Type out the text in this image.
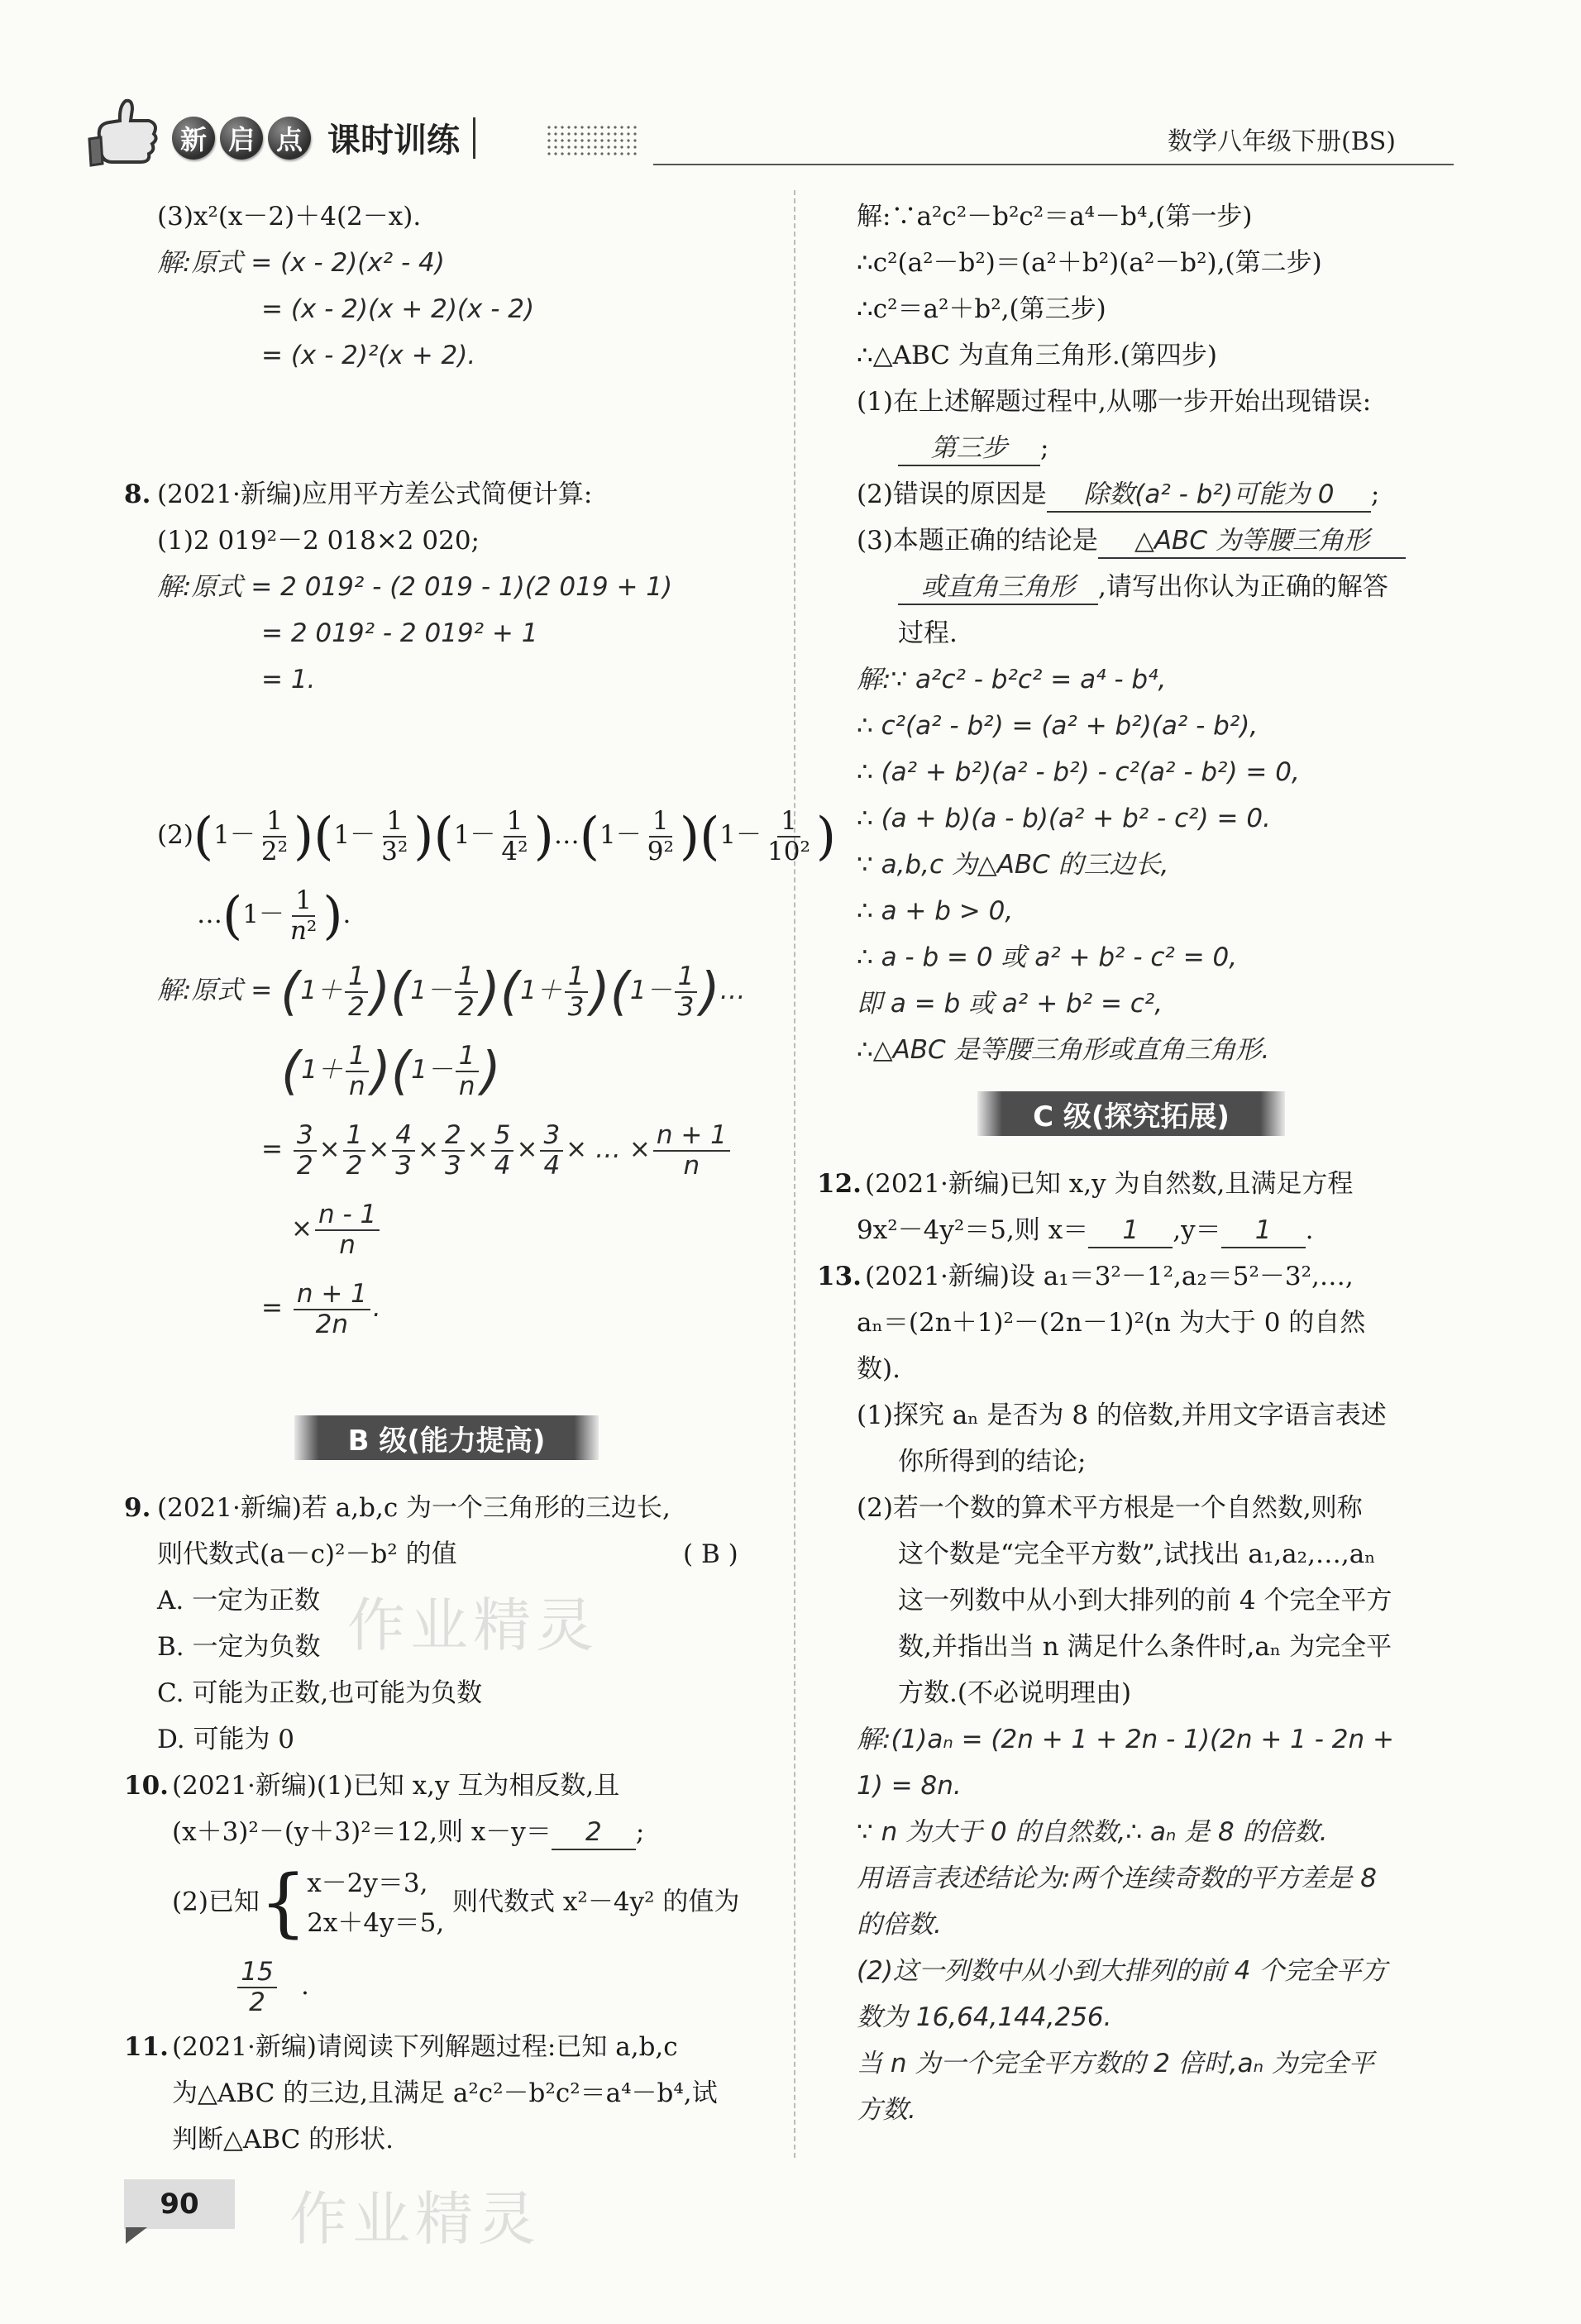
新 启 点 课时训练	数学八年级下册(BS)
(3)x²(x－2)＋4(2－x).
解:原式 = (x - 2)(x² - 4)
= (x - 2)(x + 2)(x - 2)
= (x - 2)²(x + 2).
8. (2021·新编)应用平方差公式简便计算:
(1)2 019²－2 018×2 020;
解:原式 = 2 019² - (2 019 - 1)(2 019 + 1)
= 2 019² - 2 019² + 1
= 1.
$(2)(1- \frac{1}{\text{2²}} )(1- \frac{1}{\text{3²}} )(1- \frac{1}{\text{4²}}$ )…(1－ $\frac{1}{\text{9²}} )(1- \frac{1}{\text{10²}}$ )
…(1－ $\frac{1}{\text{n²}}$ ).
解:原式 = $(1+ \frac{1}{2} )(1- \frac{1}{2} )(1+ \frac{1}{3} )(1- \frac{1}{3}$ )…
$(1+ \frac{1}{n} )(1- \frac{1}{n}$ )
= $\frac{3}{2} \times \frac{1}{2} \times \frac{4}{3} \times \frac{2}{3} \times \frac{5}{4} \times \frac{3}{4}$ × … × $\frac{n + 1}{n}$
× $\frac{n - 1}{n}$
= $\frac{n + 1}{2n}$ .
B 级(能力提高)
9. (2021·新编)若 a,b,c 为一个三角形的三边长,
则代数式(a－c)²－b² 的值	( B )
A. 一定为正数
B. 一定为负数
C. 可能为正数,也可能为负数
D. 可能为 0
作业精灵
10. (2021·新编)(1)已知 x,y 互为相反数,且
(x＋3)²－(y＋3)²＝12,则 x－y＝ 2 ;
(2)已知{ x－2y＝3,
2x＋4y＝5,
则代数式 x²－4y² 的值为
$\frac{15}{2}$ .
11. (2021·新编)请阅读下列解题过程:已知 a,b,c
为△ABC 的三边,且满足 a²c²－b²c²＝a⁴－b⁴,试
判断△ABC 的形状.
作业精灵
90
解:∵a²c²－b²c²＝a⁴－b⁴,(第一步)
∴c²(a²－b²)＝(a²＋b²)(a²－b²),(第二步)
∴c²＝a²＋b²,(第三步)
∴△ABC 为直角三角形.(第四步)
(1)在上述解题过程中,从哪一步开始出现错误:
第三步 ;
(2)错误的原因是 除数(a² - b²)可能为 0 ;
(3)本题正确的结论是 △ABC 为等腰三角形
或直角三角形 ,请写出你认为正确的解答
过程.
解:∵ a²c² - b²c² = a⁴ - b⁴,
∴ c²(a² - b²) = (a² + b²)(a² - b²),
∴ (a² + b²)(a² - b²) - c²(a² - b²) = 0,
∴ (a + b)(a - b)(a² + b² - c²) = 0.
∵ a,b,c 为△ABC 的三边长,
∴ a + b > 0,
∴ a - b = 0 或 a² + b² - c² = 0,
即 a = b 或 a² + b² = c²,
∴△ABC 是等腰三角形或直角三角形.
C 级(探究拓展)
12. (2021·新编)已知 x,y 为自然数,且满足方程
9x²－4y²＝5,则 x＝ 1 ,y＝ 1 .
13. (2021·新编)设 a₁＝3²－1²,a₂＝5²－3²,…,
aₙ＝(2n＋1)²－(2n－1)²(n 为大于 0 的自然
数).
(1)探究 aₙ 是否为 8 的倍数,并用文字语言表述
你所得到的结论;
(2)若一个数的算术平方根是一个自然数,则称
这个数是“完全平方数”,试找出 a₁,a₂,…,aₙ
这一列数中从小到大排列的前 4 个完全平方
数,并指出当 n 满足什么条件时,aₙ 为完全平
方数.(不必说明理由)
解:(1)aₙ = (2n + 1 + 2n - 1)(2n + 1 - 2n +
1) = 8n.
∵ n 为大于 0 的自然数,∴ aₙ 是 8 的倍数.
用语言表述结论为:两个连续奇数的平方差是 8
的倍数.
(2)这一列数中从小到大排列的前 4 个完全平方
数为 16,64,144,256.
当 n 为一个完全平方数的 2 倍时,aₙ 为完全平
方数.
